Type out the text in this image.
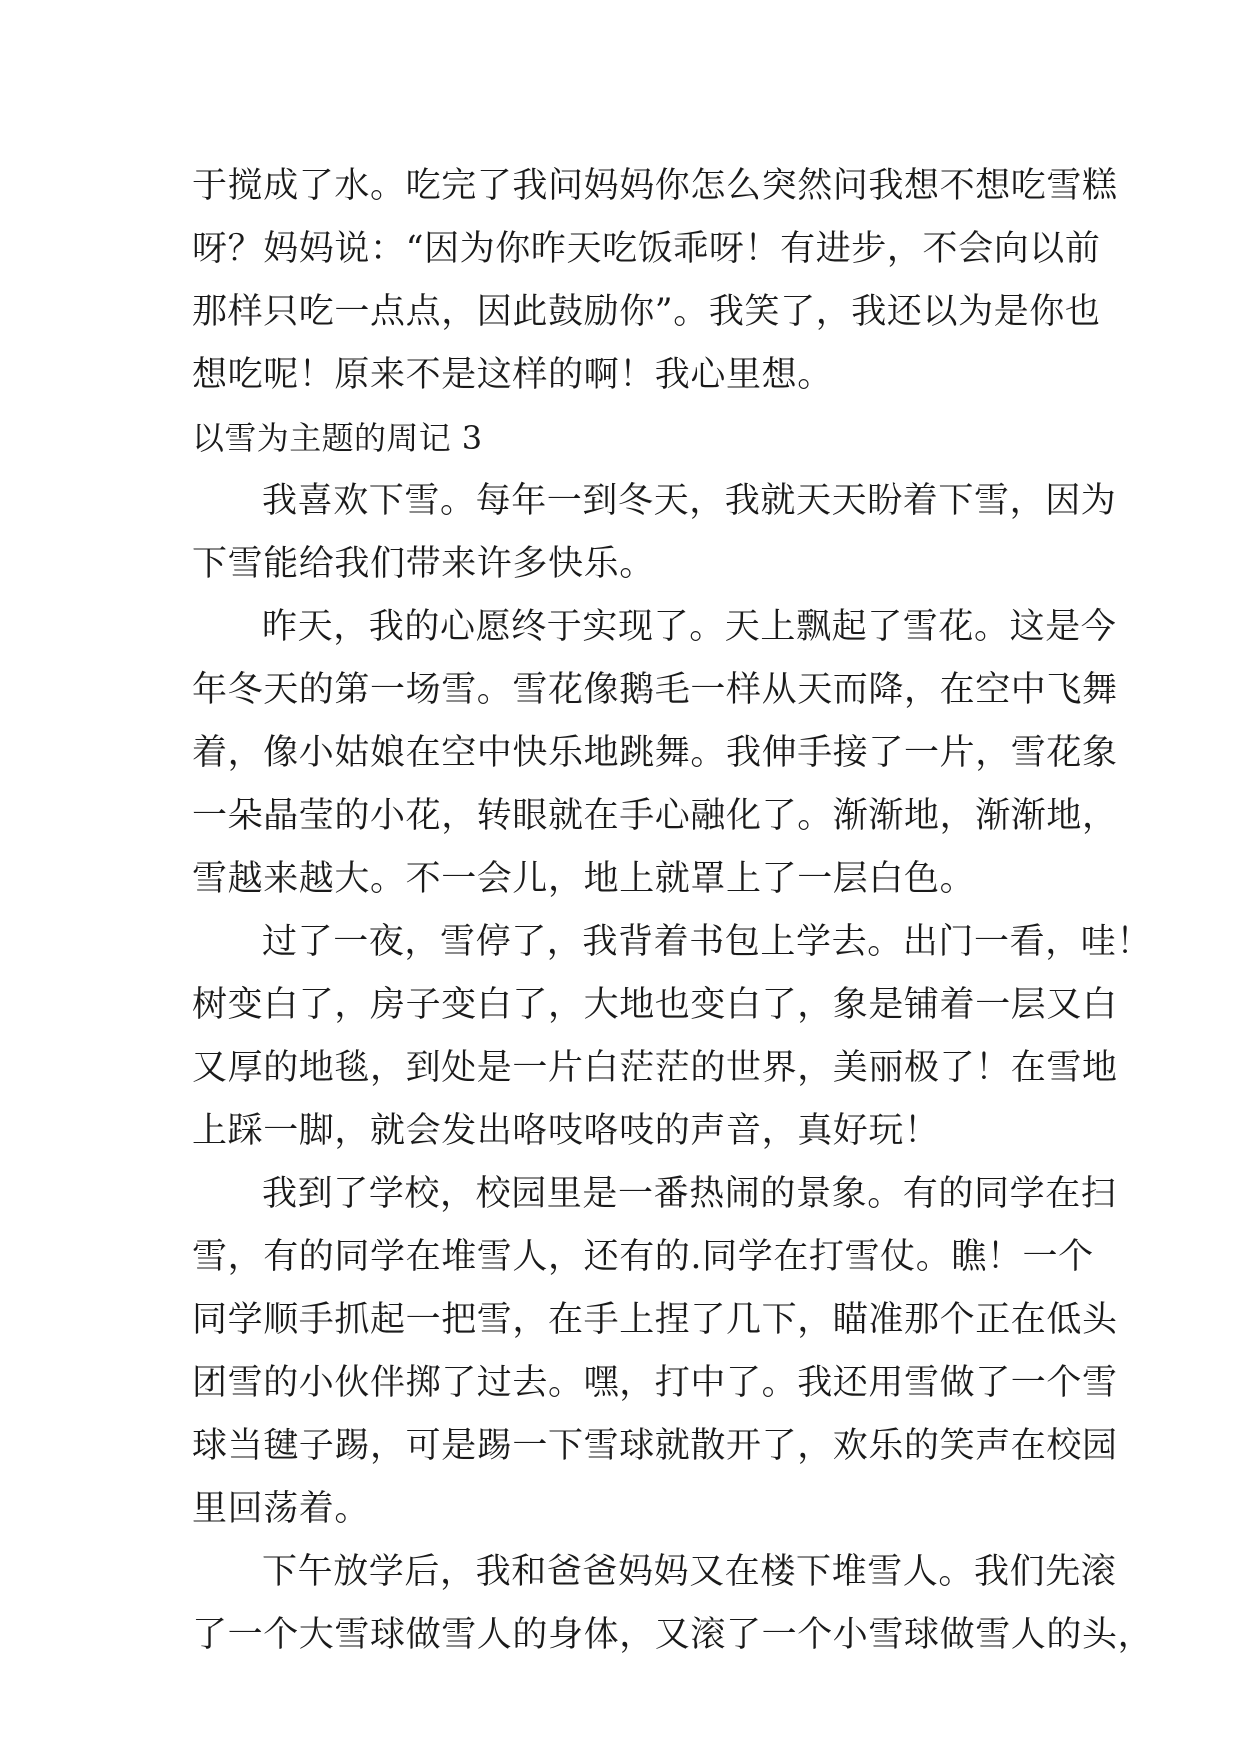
于搅成了水。吃完了我问妈妈你怎么突然问我想不想吃雪糕
呀？妈妈说：“因为你昨天吃饭乖呀！有进步，不会向以前
那样只吃一点点，因此鼓励你”。我笑了，我还以为是你也
想吃呢！原来不是这样的啊！我心里想。
以雪为主题的周记 3
我喜欢下雪。每年一到冬天，我就天天盼着下雪，因为
下雪能给我们带来许多快乐。
昨天，我的心愿终于实现了。天上飘起了雪花。这是今
年冬天的第一场雪。雪花像鹅毛一样从天而降，在空中飞舞
着，像小姑娘在空中快乐地跳舞。我伸手接了一片，雪花象
一朵晶莹的小花，转眼就在手心融化了。渐渐地，渐渐地，
雪越来越大。不一会儿，地上就罩上了一层白色。
过了一夜，雪停了，我背着书包上学去。出门一看，哇！
树变白了，房子变白了，大地也变白了，象是铺着一层又白
又厚的地毯，到处是一片白茫茫的世界，美丽极了！在雪地
上踩一脚，就会发出咯吱咯吱的声音，真好玩！
我到了学校，校园里是一番热闹的景象。有的同学在扫
雪，有的同学在堆雪人，还有的.同学在打雪仗。瞧！一个
同学顺手抓起一把雪，在手上捏了几下，瞄准那个正在低头
团雪的小伙伴掷了过去。嘿，打中了。我还用雪做了一个雪
球当毽子踢，可是踢一下雪球就散开了，欢乐的笑声在校园
里回荡着。
下午放学后，我和爸爸妈妈又在楼下堆雪人。我们先滚
了一个大雪球做雪人的身体，又滚了一个小雪球做雪人的头，
